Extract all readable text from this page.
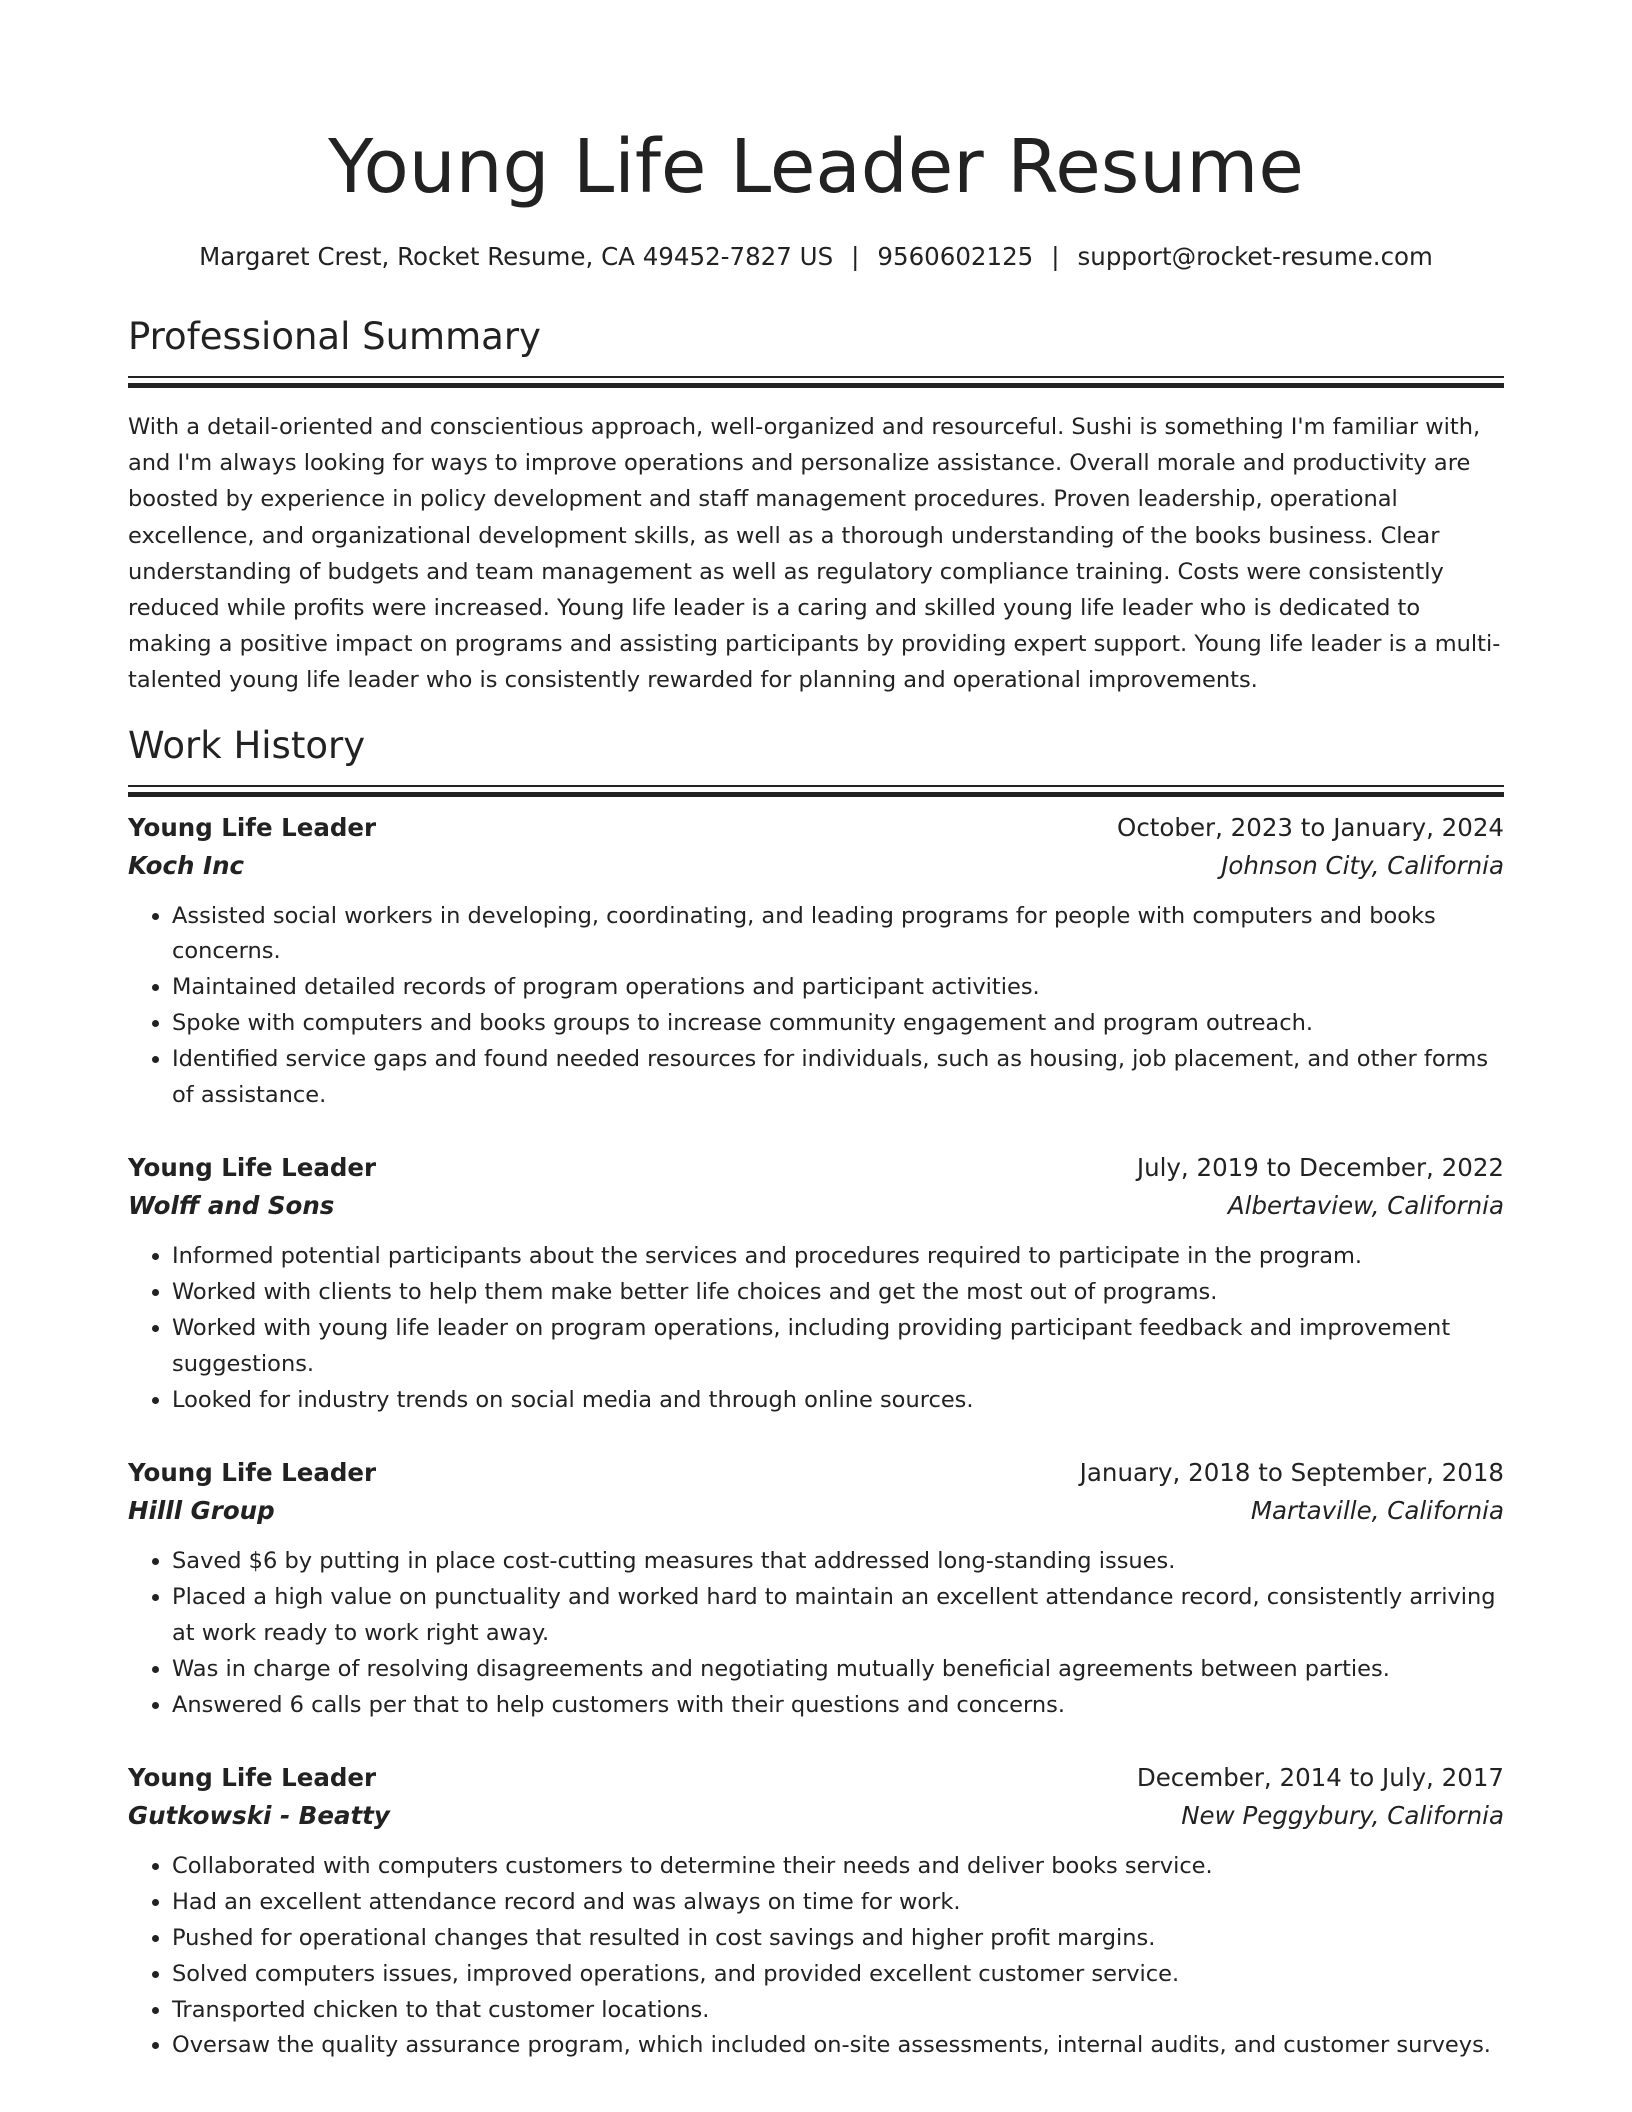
Young Life Leader Resume
Margaret Crest, Rocket Resume, CA 49452-7827 US | 9560602125 | support@rocket-resume.com
Professional Summary

With a detail-oriented and conscientious approach, well-organized and resourceful. Sushi is something I'm familiar with, and I'm always looking for ways to improve operations and personalize assistance. Overall morale and productivity are boosted by experience in policy development and staff management procedures. Proven leadership, operational excellence, and organizational development skills, as well as a thorough understanding of the books business. Clear understanding of budgets and team management as well as regulatory compliance training. Costs were consistently reduced while profits were increased. Young life leader is a caring and skilled young life leader who is dedicated to making a positive impact on programs and assisting participants by providing expert support. Young life leader is a multi-talented young life leader who is consistently rewarded for planning and operational improvements.

Work History
Young Life Leader	October, 2023 to January, 2024
Koch Inc	Johnson City, California
• Assisted social workers in developing, coordinating, and leading programs for people with computers and books concerns.
• Maintained detailed records of program operations and participant activities.
• Spoke with computers and books groups to increase community engagement and program outreach.
• Identified service gaps and found needed resources for individuals, such as housing, job placement, and other forms of assistance.
Young Life Leader	July, 2019 to December, 2022
Wolff and Sons	Albertaview, California
• Informed potential participants about the services and procedures required to participate in the program.
• Worked with clients to help them make better life choices and get the most out of programs.
• Worked with young life leader on program operations, including providing participant feedback and improvement suggestions.
• Looked for industry trends on social media and through online sources.
Young Life Leader	January, 2018 to September, 2018
Hilll Group	Martaville, California
• Saved $6 by putting in place cost-cutting measures that addressed long-standing issues.
• Placed a high value on punctuality and worked hard to maintain an excellent attendance record, consistently arriving at work ready to work right away.
• Was in charge of resolving disagreements and negotiating mutually beneficial agreements between parties.
• Answered 6 calls per that to help customers with their questions and concerns.
Young Life Leader	December, 2014 to July, 2017
Gutkowski - Beatty	New Peggybury, California
• Collaborated with computers customers to determine their needs and deliver books service.
• Had an excellent attendance record and was always on time for work.
• Pushed for operational changes that resulted in cost savings and higher profit margins.
• Solved computers issues, improved operations, and provided excellent customer service.
• Transported chicken to that customer locations.
• Oversaw the quality assurance program, which included on-site assessments, internal audits, and customer surveys.
